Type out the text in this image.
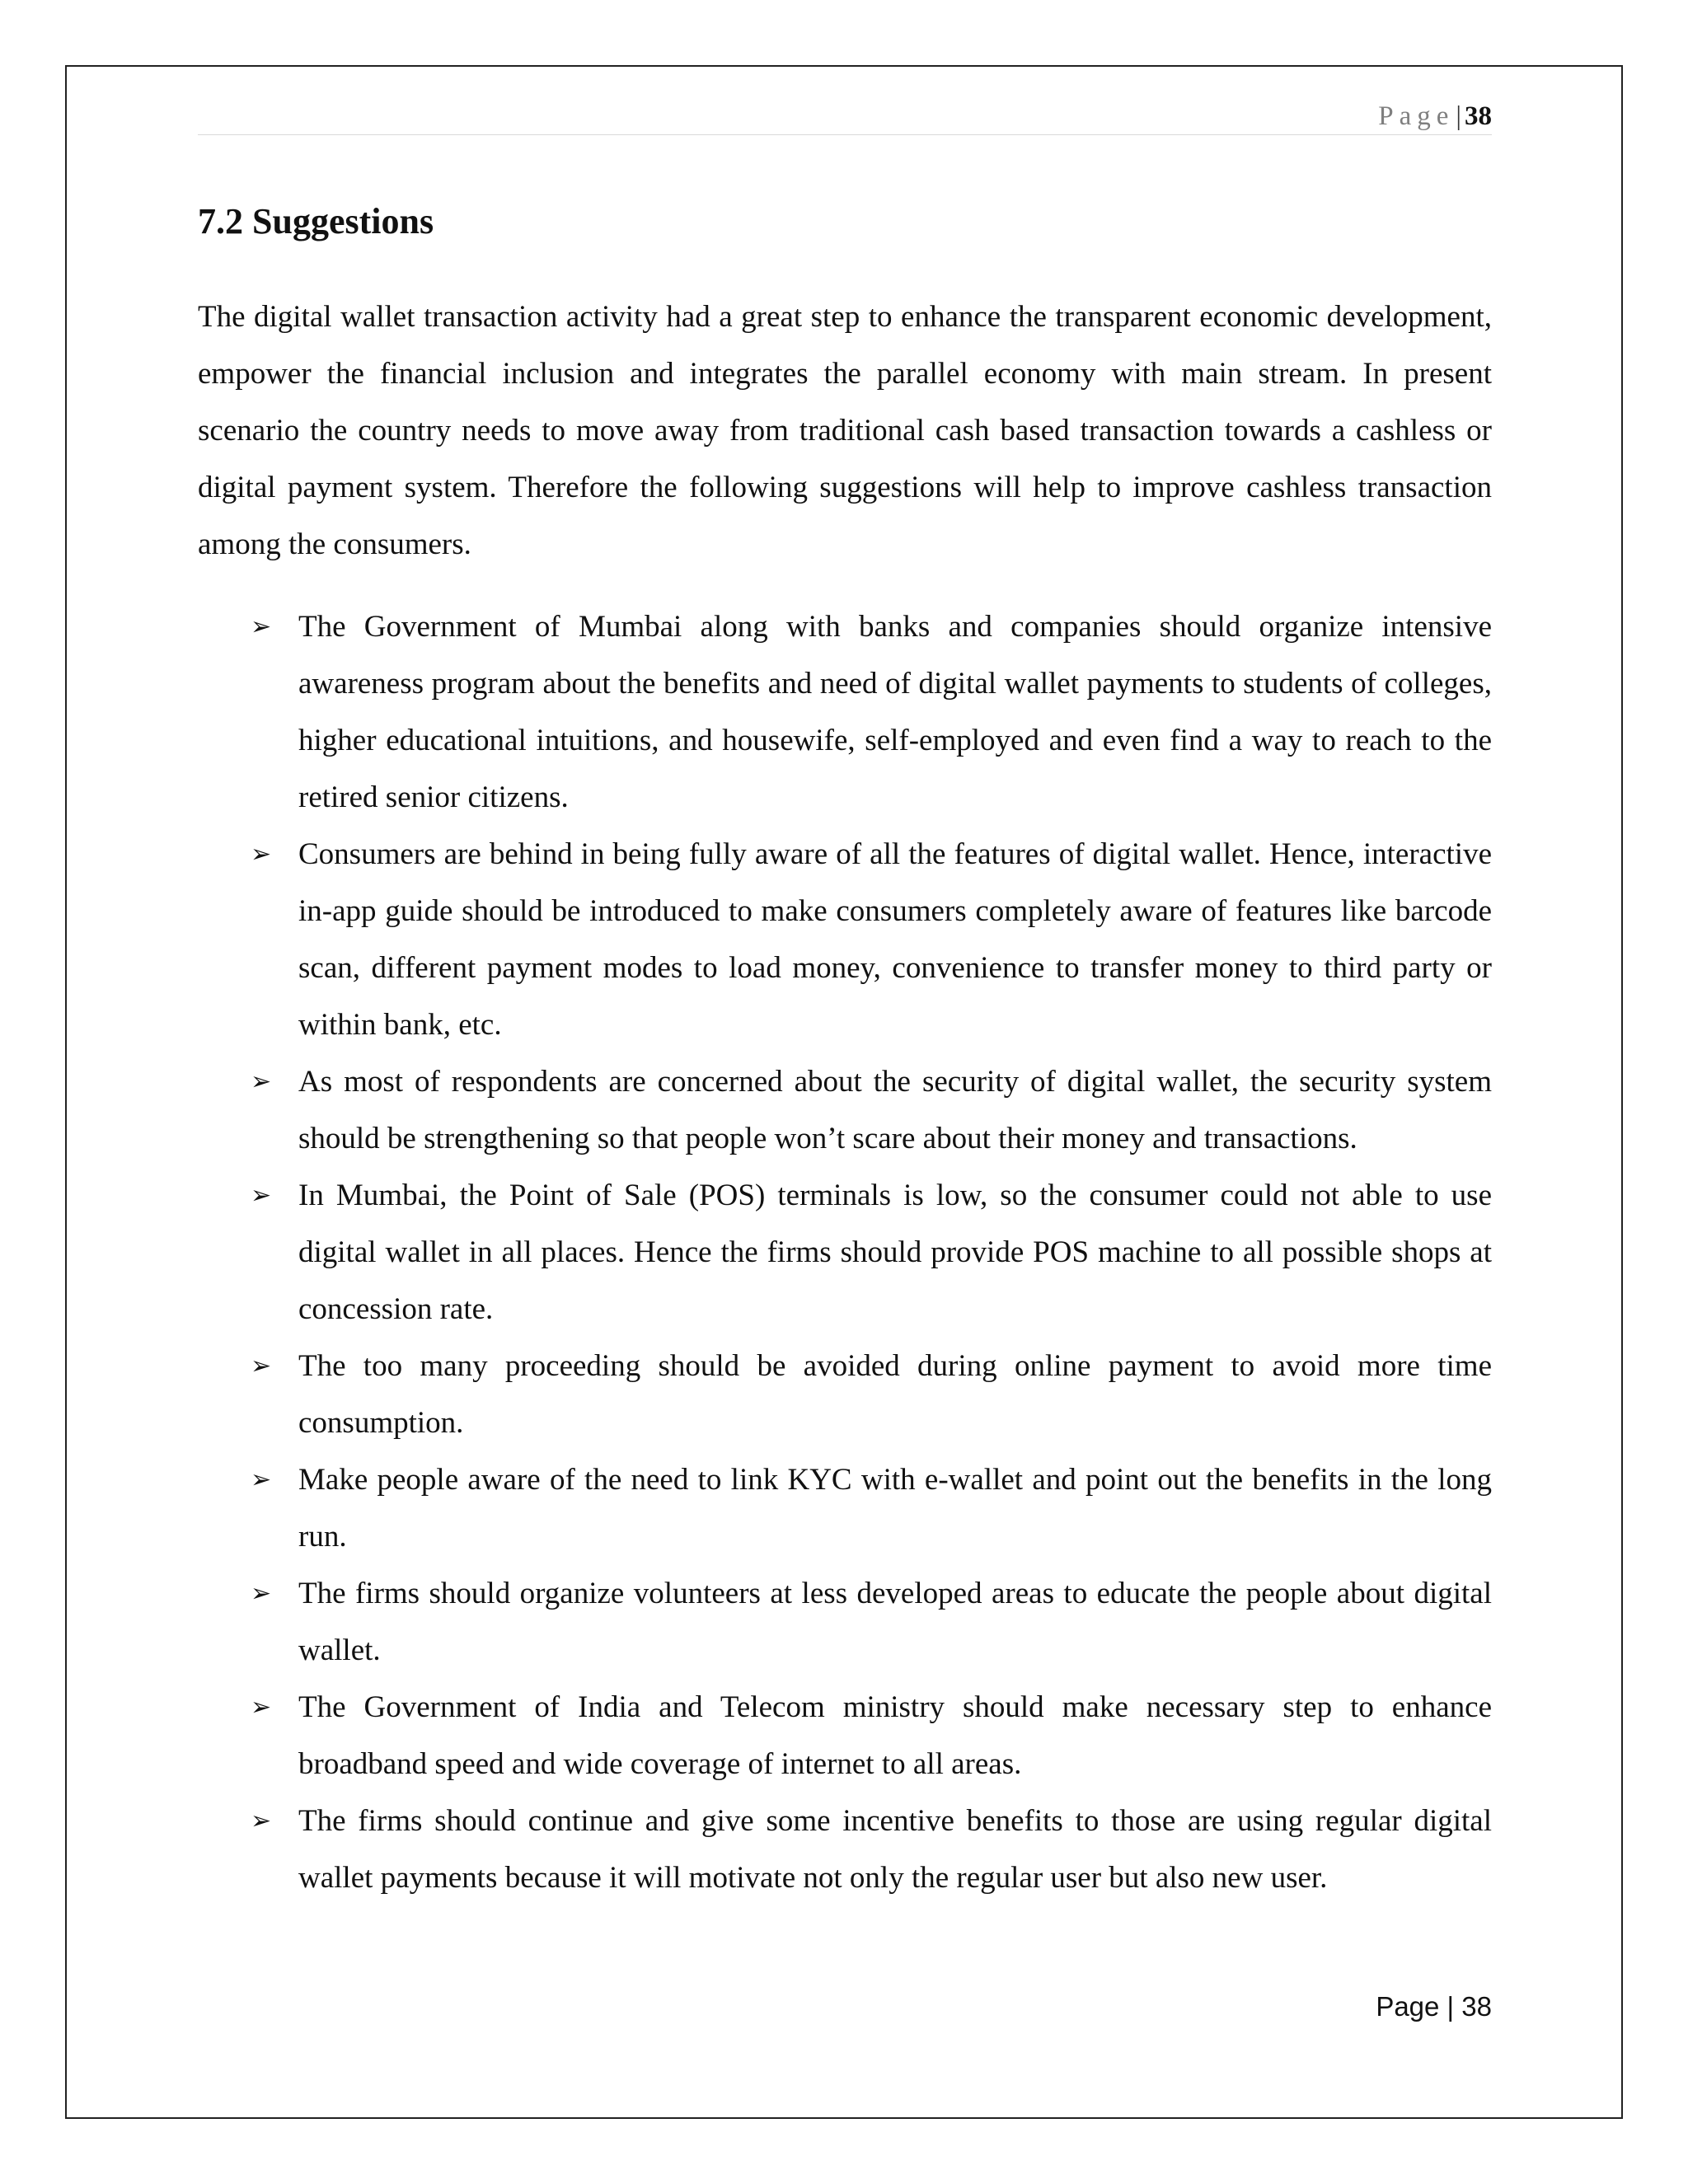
Page| 38
7.2 Suggestions

The digital wallet transaction activity had a great step to enhance the transparent economic development, empower the financial inclusion and integrates the parallel economy with main stream. In present scenario the country needs to move away from traditional cash based transaction towards a cashless or digital payment system. Therefore the following suggestions will help to improve cashless transaction among the consumers.

➢ The Government of Mumbai along with banks and companies should organize intensive awareness program about the benefits and need of digital wallet payments to students of colleges, higher educational intuitions, and housewife, self-employed and even find a way to reach to the retired senior citizens.
➢ Consumers are behind in being fully aware of all the features of digital wallet. Hence, interactive in-app guide should be introduced to make consumers completely aware of features like barcode scan, different payment modes to load money, convenience to transfer money to third party or within bank, etc.
➢ As most of respondents are concerned about the security of digital wallet, the security system should be strengthening so that people won’t scare about their money and transactions.
➢ In Mumbai, the Point of Sale (POS) terminals is low, so the consumer could not able to use digital wallet in all places. Hence the firms should provide POS machine to all possible shops at concession rate.
➢ The too many proceeding should be avoided during online payment to avoid more time consumption.
➢ Make people aware of the need to link KYC with e-wallet and point out the benefits in the long run.
➢ The firms should organize volunteers at less developed areas to educate the people about digital wallet.
➢ The Government of India and Telecom ministry should make necessary step to enhance broadband speed and wide coverage of internet to all areas.
➢ The firms should continue and give some incentive benefits to those are using regular digital wallet payments because it will motivate not only the regular user but also new user.
Page | 38
